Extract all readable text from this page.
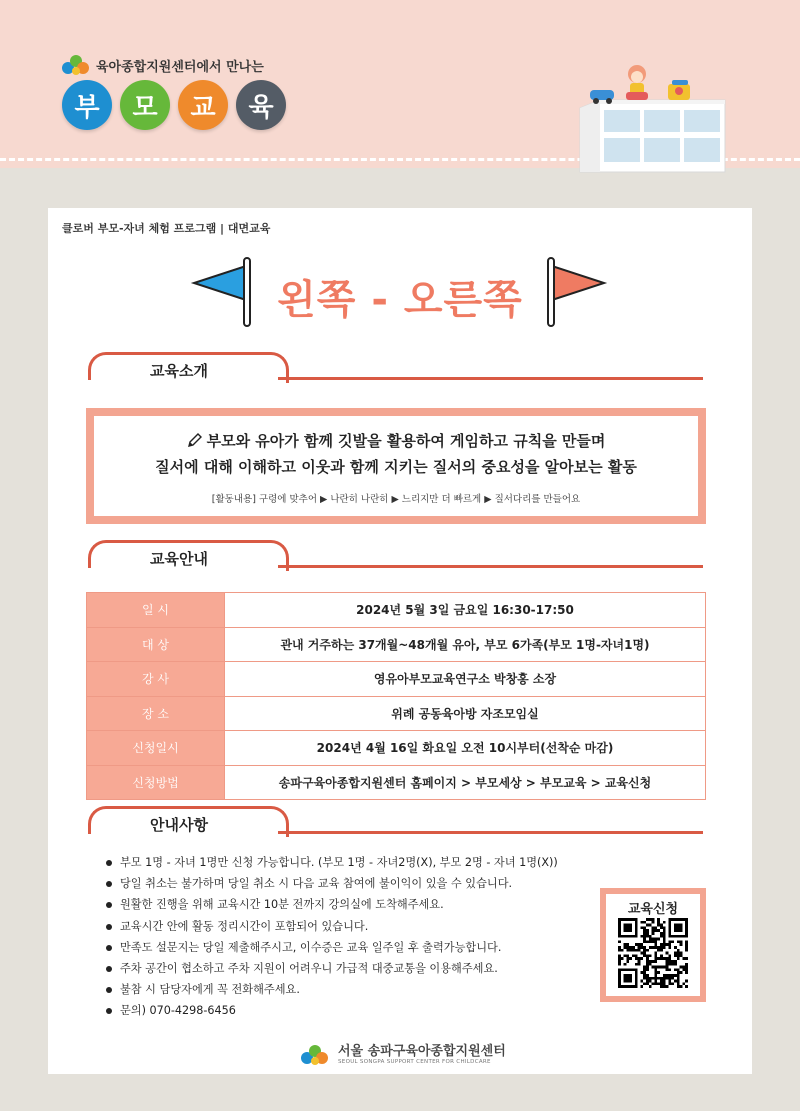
육아종합지원센터에서 만나는
부	모	교	육
클로버 부모-자녀 체험 프로그램 | 대면교육
왼쪽 - 오른쪽
교육소개
부모와 유아가 함께 깃발을 활용하여 게임하고 규칙을 만들며
질서에 대해 이해하고 이웃과 함께 지키는 질서의 중요성을 알아보는 활동
[활동내용] 구령에 맞추어 ▶ 나란히 나란히 ▶ 느리지만 더 빠르게 ▶ 질서다리를 만들어요
교육안내
일 시	2024년 5월 3일 금요일 16:30-17:50
대 상	관내 거주하는 37개월~48개월 유아, 부모 6가족(부모 1명-자녀1명)
강 사	영유아부모교육연구소 박창홍 소장
장 소	위례 공동육아방 자조모임실
신청일시	2024년 4월 16일 화요일 오전 10시부터(선착순 마감)
신청방법	송파구육아종합지원센터 홈페이지 > 부모세상 > 부모교육 > 교육신청
안내사항
부모 1명 - 자녀 1명만 신청 가능합니다. (부모 1명 - 자녀2명(X), 부모 2명 - 자녀 1명(X))
당일 취소는 불가하며 당일 취소 시 다음 교육 참여에 불이익이 있을 수 있습니다.
원활한 진행을 위해 교육시간 10분 전까지 강의실에 도착해주세요.
교육시간 안에 활동 정리시간이 포함되어 있습니다.
만족도 설문지는 당일 제출해주시고, 이수증은 교육 일주일 후 출력가능합니다.
주차 공간이 협소하고 주차 지원이 어려우니 가급적 대중교통을 이용해주세요.
불참 시 담당자에게 꼭 전화해주세요.
문의) 070-4298-6456
교육신청
서울 송파구육아종합지원센터
SEOUL SONGPA SUPPORT CENTER FOR CHILDCARE
